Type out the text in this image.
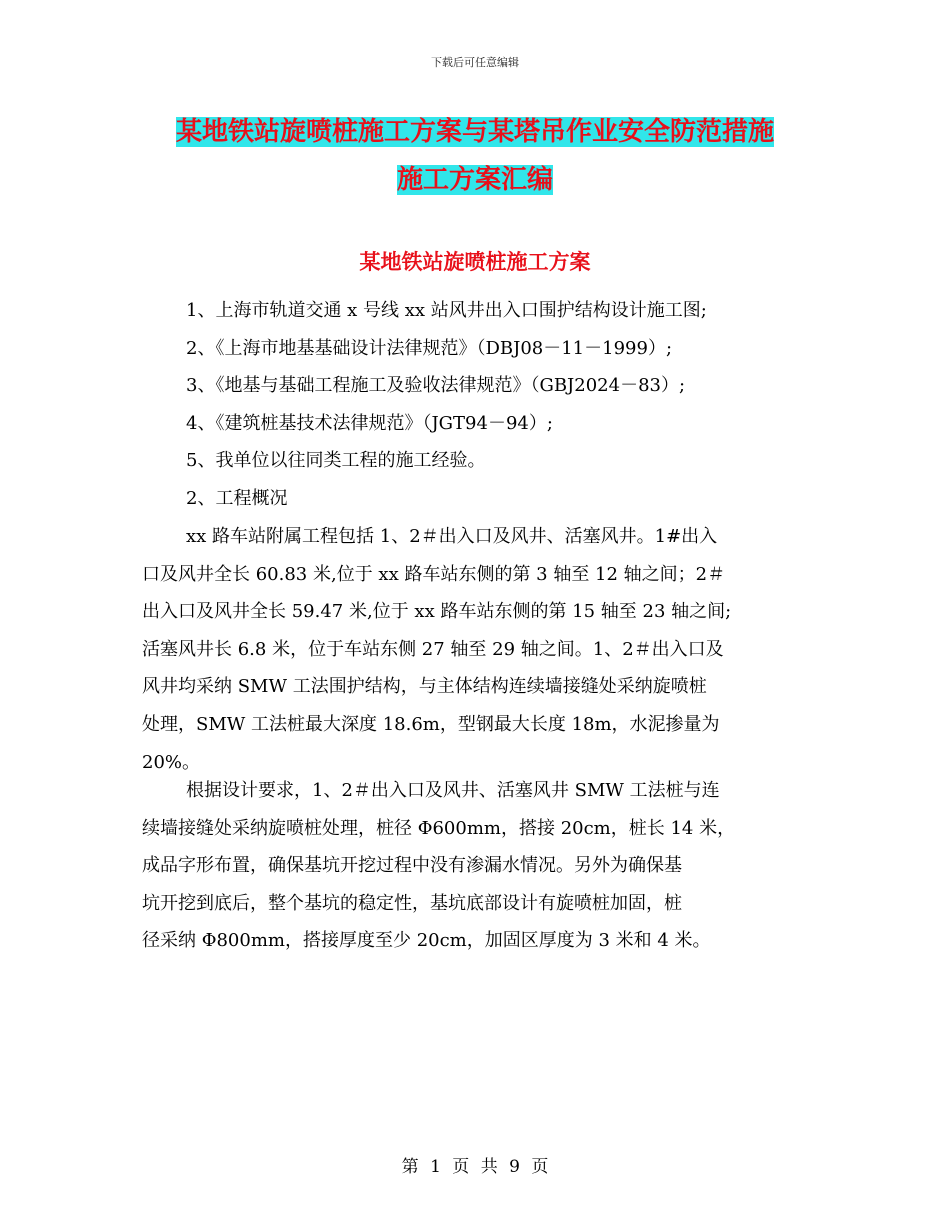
下载后可任意编辑
某地铁站旋喷桩施工方案与某塔吊作业安全防范措施
施工方案汇编
某地铁站旋喷桩施工方案
1、上海市轨道交通 x 号线 xx 站风井出入口围护结构设计施工图;
2、《上海市地基基础设计法律规范》（DBJ08－11－1999）;
3、《地基与基础工程施工及验收法律规范》（GBJ2024－83）;
4、《建筑桩基技术法律规范》（JGT94－94）;
5、我单位以往同类工程的施工经验。
2、工程概况
xx 路车站附属工程包括 1、2＃出入口及风井、活塞风井。1#出入
口及风井全长 60.83 米,位于 xx 路车站东侧的第 3 轴至 12 轴之间；2＃
出入口及风井全长 59.47 米,位于 xx 路车站东侧的第 15 轴至 23 轴之间;
活塞风井长 6.8 米，位于车站东侧 27 轴至 29 轴之间。1、2＃出入口及
风井均采纳 SMW 工法围护结构，与主体结构连续墙接缝处采纳旋喷桩
处理，SMW 工法桩最大深度 18.6m，型钢最大长度 18m，水泥掺量为
20%。
根据设计要求，1、2＃出入口及风井、活塞风井 SMW 工法桩与连
续墙接缝处采纳旋喷桩处理，桩径 Φ600mm，搭接 20cm，桩长 14 米，
成品字形布置，确保基坑开挖过程中没有渗漏水情况。另外为确保基
坑开挖到底后，整个基坑的稳定性，基坑底部设计有旋喷桩加固，桩
径采纳 Φ800mm，搭接厚度至少 20cm，加固区厚度为 3 米和 4 米。
第 1 页 共 9 页
